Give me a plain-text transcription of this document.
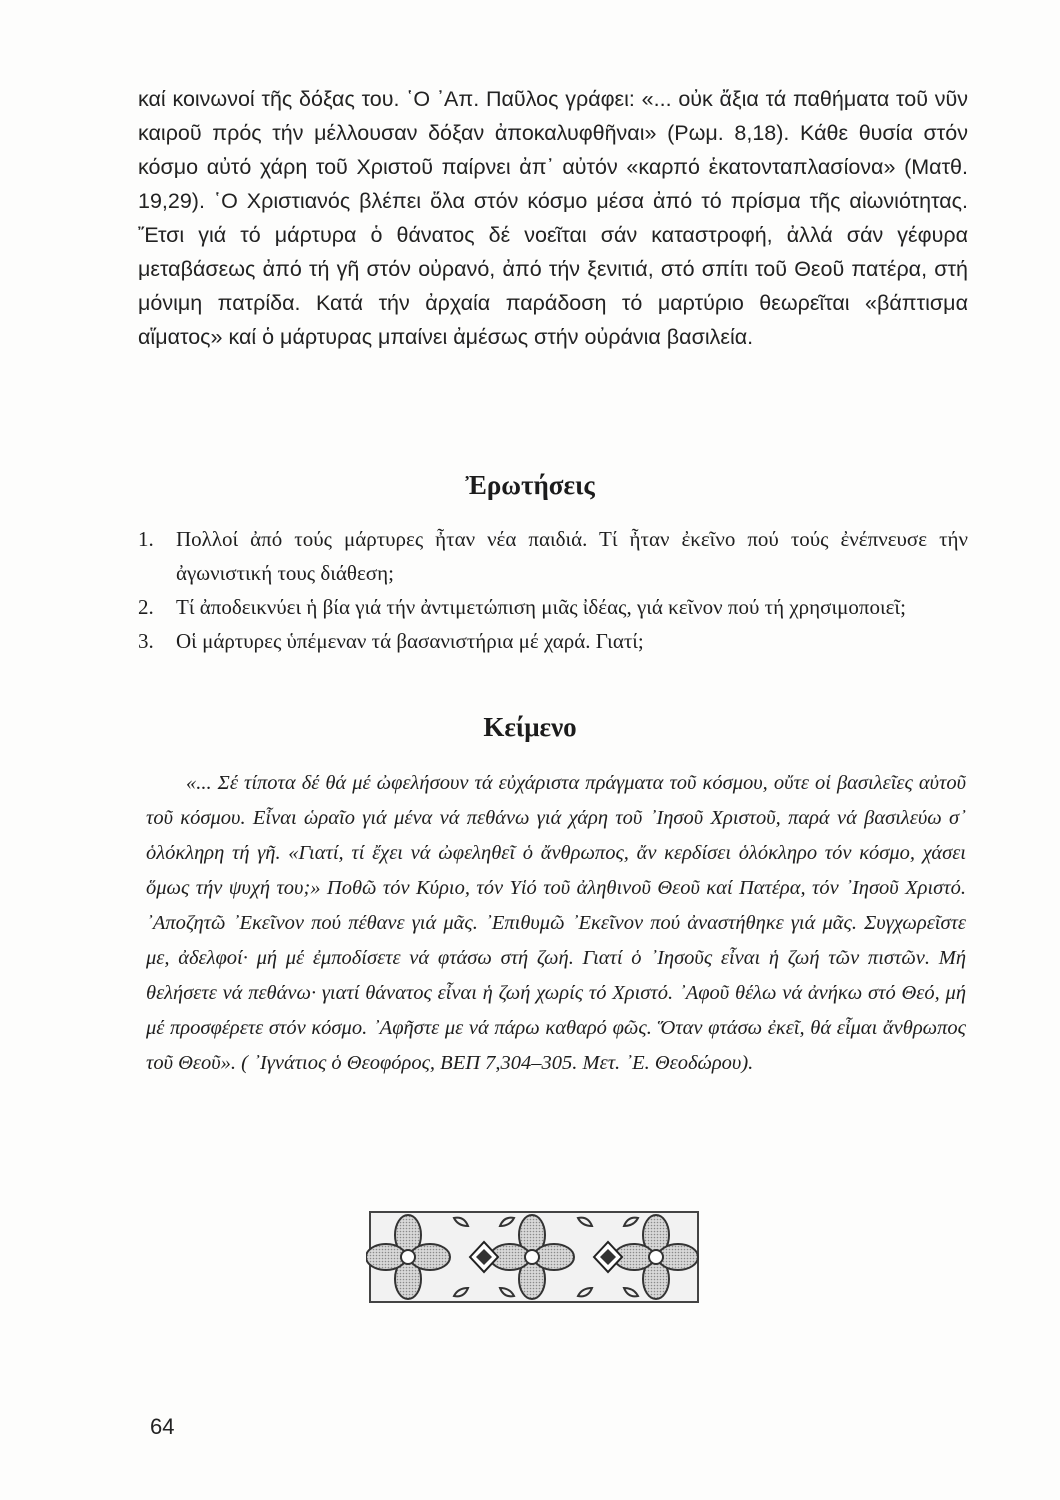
καί κοινωνοί τῆς δόξας του. ῾Ο ᾽Απ. Παῦλος γράφει: «... οὐκ ἄξια τά παθήματα τοῦ νῦν καιροῦ πρός τήν μέλλουσαν δόξαν ἀποκαλυφθῆναι» (Ρωμ. 8,18). Κάθε θυσία στόν κόσμο αὐτό χάρη τοῦ Χριστοῦ παίρνει ἀπ᾽ αὐτόν «καρπό ἑκατονταπλασίονα» (Ματθ. 19,29). ῾Ο Χριστιανός βλέπει ὅλα στόν κόσμο μέσα ἀπό τό πρίσμα τῆς αἰωνιότητας. Ἔτσι γιά τό μάρτυρα ὁ θάνατος δέ νοεῖται σάν καταστροφή, ἀλλά σάν γέφυρα μεταβάσεως ἀπό τή γῆ στόν οὐρανό, ἀπό τήν ξενιτιά, στό σπίτι τοῦ Θεοῦ πατέρα, στή μόνιμη πατρίδα. Κατά τήν ἀρχαία παράδοση τό μαρτύριο θεωρεῖται «βάπτισμα αἵματος» καί ὁ μάρτυρας μπαίνει ἀμέσως στήν οὐράνια βασιλεία.

Ἐρωτήσεις
1. Πολλοί ἀπό τούς μάρτυρες ἦταν νέα παιδιά. Τί ἦταν ἐκεῖνο πού τούς ἐνέπνευσε τήν ἀγωνιστική τους διάθεση;
2. Τί ἀποδεικνύει ἡ βία γιά τήν ἀντιμετώπιση μιᾶς ἰδέας, γιά κεῖνον πού τή χρησιμοποιεῖ;
3. Οἱ μάρτυρες ὑπέμεναν τά βασανιστήρια μέ χαρά. Γιατί;
Κείμενο

«... Σέ τίποτα δέ θά μέ ὠφελήσουν τά εὐχάριστα πράγματα τοῦ κόσμου, οὔτε οἱ βασιλεῖες αὐτοῦ τοῦ κόσμου. Εἶναι ὡραῖο γιά μένα νά πεθάνω γιά χάρη τοῦ ᾽Ιησοῦ Χριστοῦ, παρά νά βασιλεύω σ᾽ ὁλόκληρη τή γῆ. «Γιατί, τί ἔχει νά ὠφεληθεῖ ὁ ἄνθρωπος, ἄν κερδίσει ὁλόκληρο τόν κόσμο, χάσει ὅμως τήν ψυχή του;» Ποθῶ τόν Κύριο, τόν Υἱό τοῦ ἀληθινοῦ Θεοῦ καί Πατέρα, τόν ᾽Ιησοῦ Χριστό. ᾽Αποζητῶ ᾽Εκεῖνον πού πέθανε γιά μᾶς. ᾽Επιθυμῶ ᾽Εκεῖνον πού ἀναστήθηκε γιά μᾶς. Συγχωρεῖστε με, ἀδελφοί· μή μέ ἐμποδίσετε νά φτάσω στή ζωή. Γιατί ὁ ᾽Ιησοῦς εἶναι ἡ ζωή τῶν πιστῶν. Μή θελήσετε νά πεθάνω· γιατί θάνατος εἶναι ἡ ζωή χωρίς τό Χριστό. ᾽Αφοῦ θέλω νά ἀνήκω στό Θεό, μή μέ προσφέρετε στόν κόσμο. ᾽Αφῆστε με νά πάρω καθαρό φῶς. Ὅταν φτάσω ἐκεῖ, θά εἶμαι ἄνθρωπος τοῦ Θεοῦ». ( ᾽Ιγνάτιος ὁ Θεοφόρος, ΒΕΠ 7,304–305. Μετ. ᾽Ε. Θεοδώρου).

64
